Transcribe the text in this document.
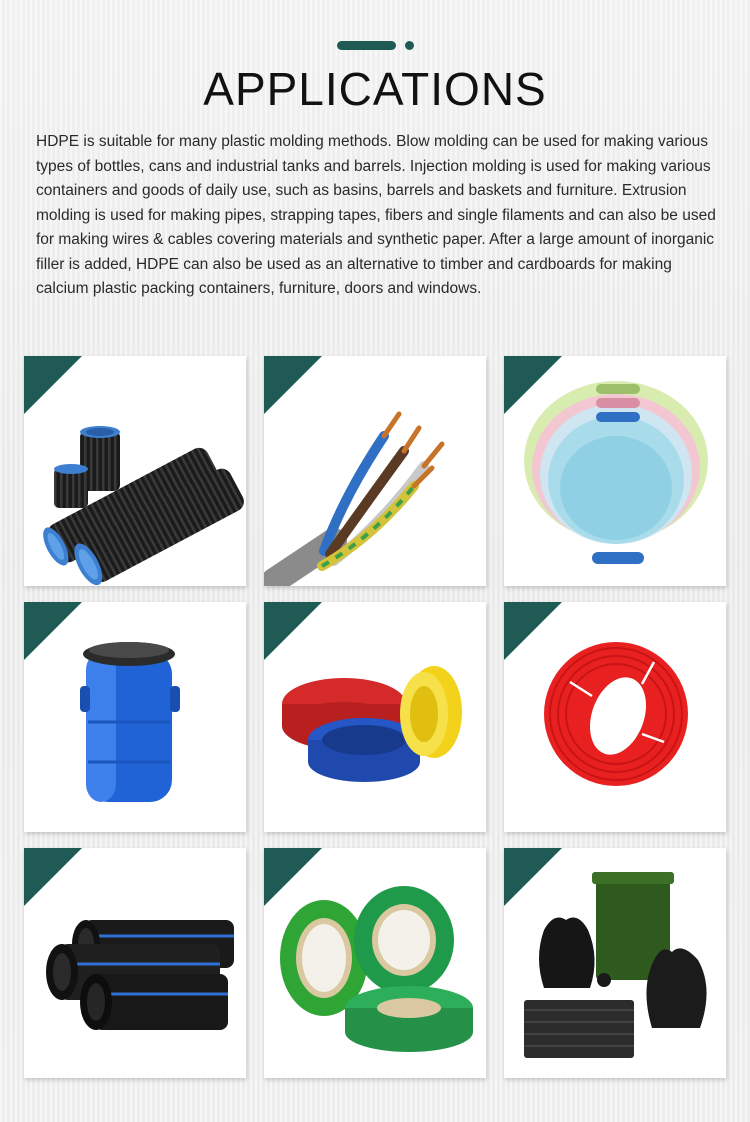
APPLICATIONS

HDPE is suitable for many plastic molding methods. Blow molding can be used for making various types of bottles, cans and industrial tanks and barrels. Injection molding is used for making various containers and goods of daily use, such as basins, barrels and baskets and furniture. Extrusion molding is used for making pipes, strapping tapes, fibers and single filaments and can also be used for making wires & cables covering materials and synthetic paper. After a large amount of inorganic filler is added, HDPE can also be used as an alternative to timber and cardboards for making calcium plastic packing containers, furniture, doors and windows.
